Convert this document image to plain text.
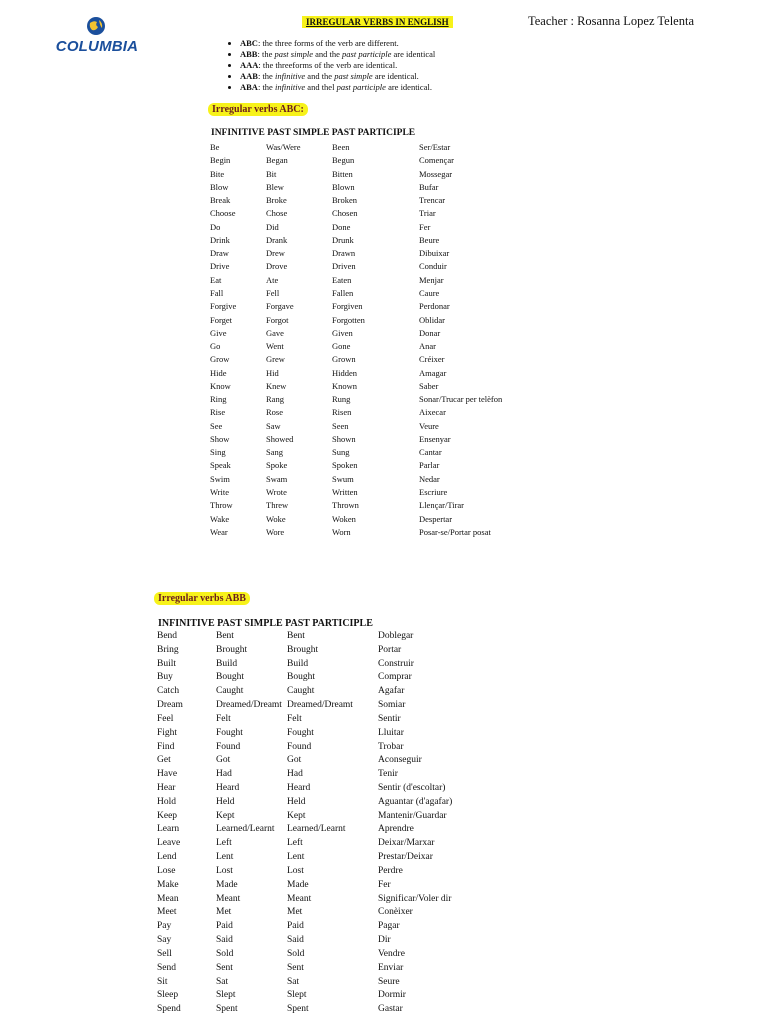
COLUMBIA
IRREGULAR VERBS IN ENGLISH	Teacher : Rosanna Lopez Telenta
• ABC: the three forms of the verb are different.
• ABB: the past simple and the past participle are identical
• AAA: the threeforms of the verb are identical.
• AAB: the infinitive and the past simple are identical.
• ABA: the infinitive and thel past participle are identical.
Irregular verbs ABC:
INFINITIVE PAST SIMPLE PAST PARTICIPLE
Be	Was/Were	Been	Ser/Estar
Begin	Began	Begun	Començar
Bite	Bit	Bitten	Mossegar
Blow	Blew	Blown	Bufar
Break	Broke	Broken	Trencar
Choose	Chose	Chosen	Triar
Do	Did	Done	Fer
Drink	Drank	Drunk	Beure
Draw	Drew	Drawn	Dibuixar
Drive	Drove	Driven	Conduir
Eat	Ate	Eaten	Menjar
Fall	Fell	Fallen	Caure
Forgive	Forgave	Forgiven	Perdonar
Forget	Forgot	Forgotten	Oblidar
Give	Gave	Given	Donar
Go	Went	Gone	Anar
Grow	Grew	Grown	Créixer
Hide	Hid	Hidden	Amagar
Know	Knew	Known	Saber
Ring	Rang	Rung	Sonar/Trucar per telèfon
Rise	Rose	Risen	Aixecar
See	Saw	Seen	Veure
Show	Showed	Shown	Ensenyar
Sing	Sang	Sung	Cantar
Speak	Spoke	Spoken	Parlar
Swim	Swam	Swum	Nedar
Write	Wrote	Written	Escriure
Throw	Threw	Thrown	Llençar/Tirar
Wake	Woke	Woken	Despertar
Wear	Wore	Worn	Posar-se/Portar posat
Irregular verbs ABB
INFINITIVE PAST SIMPLE PAST PARTICIPLE
Bend	Bent	Bent	Doblegar
Bring	Brought	Brought	Portar
Built	Build	Build	Construir
Buy	Bought	Bought	Comprar
Catch	Caught	Caught	Agafar
Dream	Dreamed/Dreamt Dreamed/Dreamt	Somiar
Feel	Felt	Felt	Sentir
Fight	Fought	Fought	Lluitar
Find	Found	Found	Trobar
Get	Got	Got	Aconseguir
Have	Had	Had	Tenir
Hear	Heard	Heard	Sentir (d'escoltar)
Hold	Held	Held	Aguantar (d'agafar)
Keep	Kept	Kept	Mantenir/Guardar
Learn	Learned/Learnt Learned/Learnt	Aprendre
Leave	Left	Left	Deixar/Marxar
Lend	Lent	Lent	Prestar/Deixar
Lose	Lost	Lost	Perdre
Make	Made	Made	Fer
Mean	Meant	Meant	Significar/Voler dir
Meet	Met	Met	Conèixer
Pay	Paid	Paid	Pagar
Say	Said	Said	Dir
Sell	Sold	Sold	Vendre
Send	Sent	Sent	Enviar
Sit	Sat	Sat	Seure
Sleep	Slept	Slept	Dormir
Spend	Spent	Spent	Gastar
